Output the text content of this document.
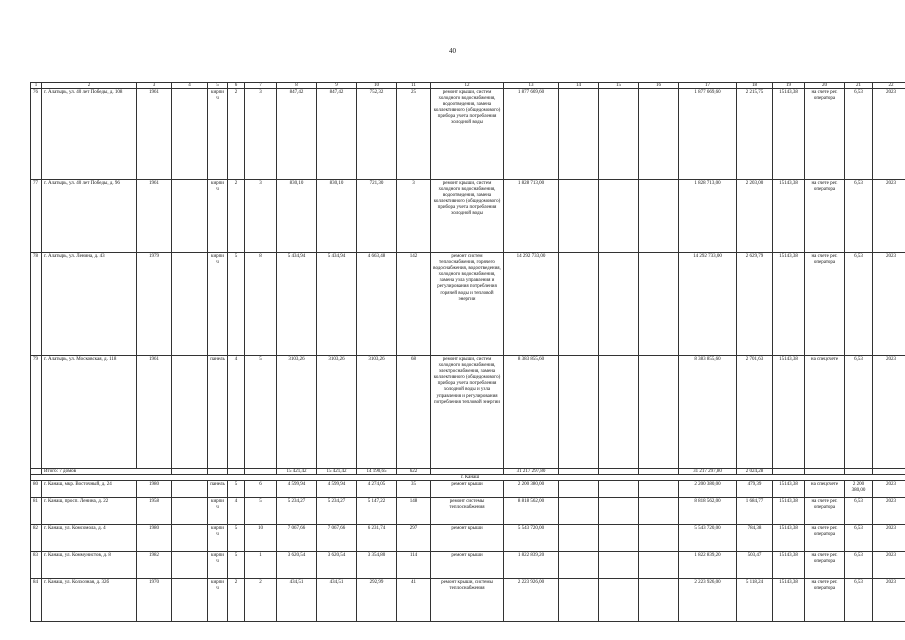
40
1	2	3	4	5	6	7	8	9	10	11	12	13	14	15	16	17	18	19	20	21	22
76	г. Алатырь, ул. 40 лет Победы, д. 108	1961		кирпич	2	3	847,42	847,42	752,32	25	ремонт крыши, систем холодного водоснабжения, водоотведения, замена коллективного (общедомового) прибора учета потребления холодной воды	1 877 669,60				1 877 669,60	2 215,75	15143,38	на счете рег. оператора	6,53	2023
77	г. Алатырь, ул. 40 лет Победы, д. 96	1961		кирпич	2	3	830,10	830,10	721,30	3	ремонт крыши, систем холодного водоснабжения, водоотведения, замена коллективного (общедомового) прибора учета потребления холодной воды	1 828 713,00				1 828 713,00	2 203,00	15143,38	на счете рег. оператора	6,53	2023
78	г. Алатырь, ул. Ленина, д. 43	1979		кирпич	5	8	5 434,94	5 434,94	4 663,48	142	ремонт систем теплоснабжения, горячего водоснабжения, водоотведения, холодного водоснабжения, замена узла управления и регулирования потребления горячей воды и тепловой энергии	14 292 733,00				14 292 733,00	2 629,79	15143,38	на счете рег. оператора	6,53	2023
79	г. Алатырь, ул. Московская, д. 118	1961		панель	4	5	3103,26	3103,26	3103,26	68	ремонт крыши, систем холодного водоснабжения, электроснабжения, замена коллективного (общедомового) прибора учета потребления холодной воды и узла управления и регулирования потребления тепловой энергии	8 383 855,60				8 383 855,60	2 701,63	15143,38	на спецсчете	6,53	2023
	Итого: 7 домов						15 421,42	15 421,42	14 190,65	622		31 217 297,80				31 217 297,80	2 024,28				
г. Канаш																					
80	г. Канаш, мкр. Восточный, д. 24	1980		панель	5	6	4 599,94	4 599,94	4 274,05	35	ремонт крыши	2 200 380,00				2 200 380,00	479,39	15143,38	на спецсчете	2 200 380,00	2023
81	г. Канаш, просп. Ленина, д. 22	1958		кирпич	4	5	5 234,27	5 234,27	5 147,22	148	ремонт системы теплоснабжения	8 818 562,00				8 818 562,00	1 684,77	15143,38	на счете рег. оператора	6,53	2023
82	г. Канаш, ул. Комсомола, д. 4	1980		кирпич	5	10	7 067,66	7 067,66	6 231,74	297	ремонт крыши	5 543 720,00				5 543 720,00	784,38	15143,38	на счете рег. оператора	6,53	2023
83	г. Канаш, ул. Коммунистов, д. 8	1982		кирпич	5	1	3 620,54	3 620,54	3 354,80	114	ремонт крыши	1 822 839,20				1 822 839,20	503,47	15143,38	на счете рег. оператора	6,53	2023
84	г. Канаш, ул. Колхозная, д. 32б	1970		кирпич	2	2	434,51	434,51	292,99	41	ремонт крыши, системы теплоснабжения	2 223 926,00				2 223 926,00	5 118,24	15143,38	на счете рег. оператора	6,53	2023
